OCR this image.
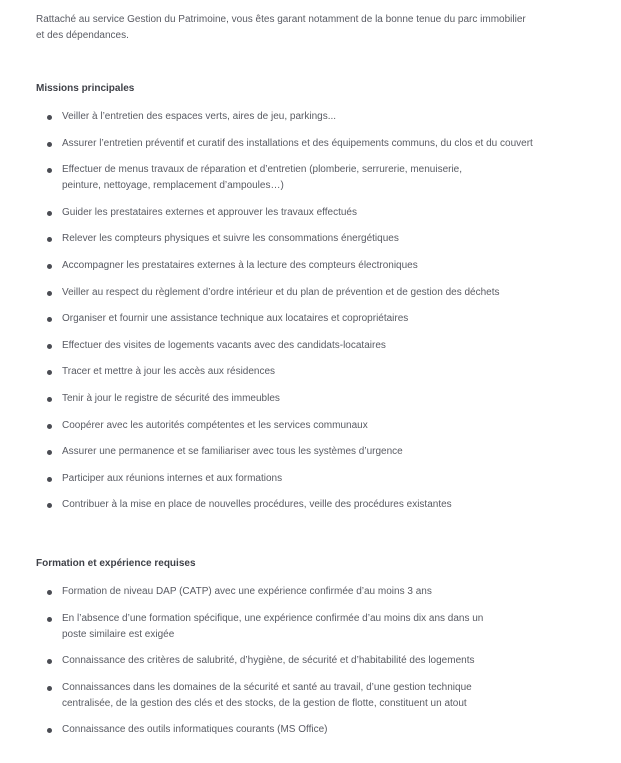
Rattaché au service Gestion du Patrimoine, vous êtes garant notamment de la bonne tenue du parc immobilier
et des dépendances.

Missions principales
Veiller à l’entretien des espaces verts, aires de jeu, parkings...
Assurer l’entretien préventif et curatif des installations et des équipements communs, du clos et du couvert
Effectuer de menus travaux de réparation et d’entretien (plomberie, serrurerie, menuiserie, peinture, nettoyage, remplacement d’ampoules…)
Guider les prestataires externes et approuver les travaux effectués
Relever les compteurs physiques et suivre les consommations énergétiques
Accompagner les prestataires externes à la lecture des compteurs électroniques
Veiller au respect du règlement d’ordre intérieur et du plan de prévention et de gestion des déchets
Organiser et fournir une assistance technique aux locataires et copropriétaires
Effectuer des visites de logements vacants avec des candidats-locataires
Tracer et mettre à jour les accès aux résidences
Tenir à jour le registre de sécurité des immeubles
Coopérer avec les autorités compétentes et les services communaux
Assurer une permanence et se familiariser avec tous les systèmes d’urgence
Participer aux réunions internes et aux formations
Contribuer à la mise en place de nouvelles procédures, veille des procédures existantes
Formation et expérience requises
Formation de niveau DAP (CATP) avec une expérience confirmée d’au moins 3 ans
En l’absence d’une formation spécifique, une expérience confirmée d’au moins dix ans dans un poste similaire est exigée
Connaissance des critères de salubrité, d’hygiène, de sécurité et d’habitabilité des logements
Connaissances dans les domaines de la sécurité et santé au travail, d’une gestion technique centralisée, de la gestion des clés et des stocks, de la gestion de flotte, constituent un atout
Connaissance des outils informatiques courants (MS Office)
